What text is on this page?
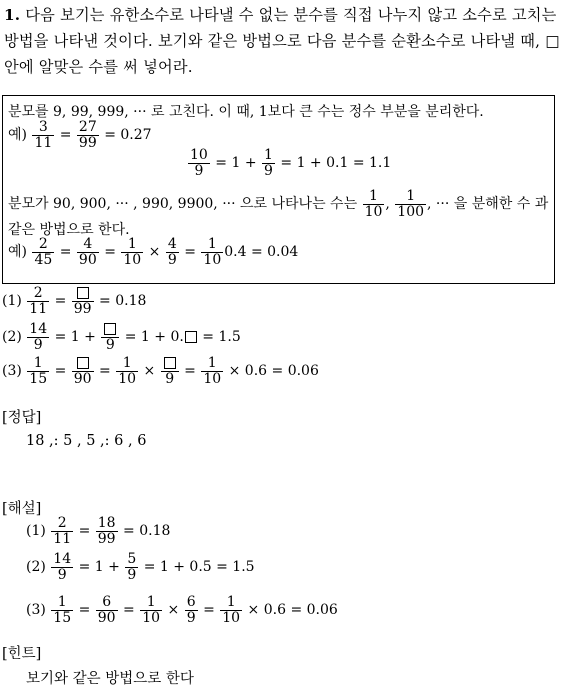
1. 다음 보기는 유한소수로 나타낼 수 없는 분수를 직접 나누지 않고 소수로 고치는 방법을 나타낸 것이다. 보기와 같은 방법으로 다음 분수를 순환소수로 나타낼 때, □ 안에 알맞은 수를 써 넣어라.
분모를 9, 99, 999, ··· 로 고친다. 이 때, 1보다 큰 수는 정수 부분을 분리한다.
예) $\frac{3}{11} = \frac{27}{99} = 0.27$
$\frac{10}{9} = 1 + \frac{1}{9} = 1 + 0.1 = 1.1$
분모가 90, 900, ··· , 990, 9900, ··· 으로 나타나는 수는 $\frac{1}{10}$ , $\frac{1}{100}$ , ··· 을 분해한 수 과
같은 방법으로 한다.
예) $\frac{2}{45} = \frac{4}{90} = \frac{1}{10} \times \frac{4}{9} = \frac{1}{10} 0.4 = 0.04$
$(1) \frac{2}{11} = 99 = 0.18$
$(2) \frac{14}{9} = 1 + 9 = 1 + 0$. = 1.5
$(3) \frac{1}{15} = 90 = \frac{1}{10} \times 9 = \frac{1}{10} \times 0.6 = 0.06$
[정답]
18 ,: 5 , 5 ,: 6 , 6
[해설]
$(1) \frac{2}{11} = \frac{18}{99} = 0.18$
$(2) \frac{14}{9} = 1 + \frac{5}{9} = 1 + 0.5 = 1.5$
$(3) \frac{1}{15} = \frac{6}{90} = \frac{1}{10} \times \frac{6}{9} = \frac{1}{10} \times 0.6 = 0.06$
[힌트]
보기와 같은 방법으로 한다
